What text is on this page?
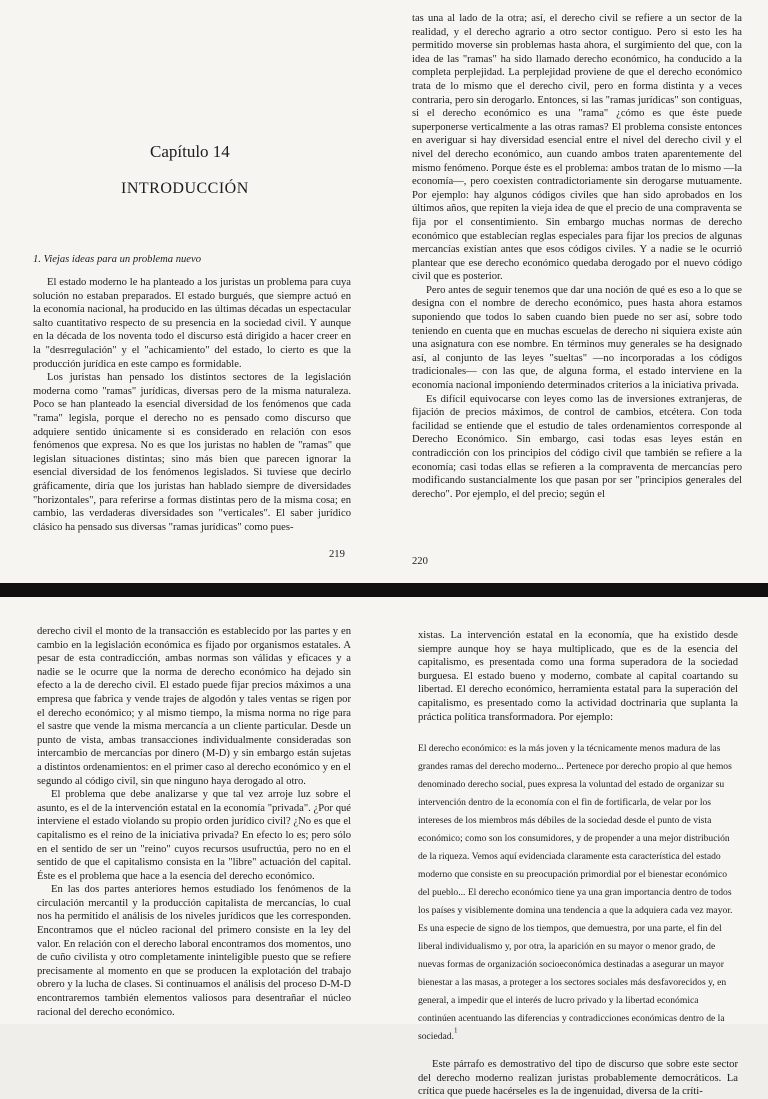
Capítulo 14
INTRODUCCIÓN
1. Viejas ideas para un problema nuevo

El estado moderno le ha planteado a los juristas un problema para cuya solución no estaban preparados. El estado burgués, que siempre actuó en la economía nacional, ha producido en las últimas décadas un espectacular salto cuantitativo respecto de su presencia en la sociedad civil. Y aunque en la década de los noventa todo el discurso está dirigido a hacer creer en la "desrregulación" y el "achicamiento" del estado, lo cierto es que la producción jurídica en este campo es formidable.

Los juristas han pensado los distintos sectores de la legislación moderna como "ramas" jurídicas, diversas pero de la misma naturaleza. Poco se han planteado la esencial diversidad de los fenómenos que cada "rama" legisla, porque el derecho no es pensado como discurso que adquiere sentido únicamente si es considerado en relación con esos fenómenos que expresa. No es que los juristas no hablen de "ramas" que legislan situaciones distintas; sino más bien que parecen ignorar la esencial diversidad de los fenómenos legislados. Si tuviese que decirlo gráficamente, diría que los juristas han hablado siempre de diversidades "horizontales", para referirse a formas distintas pero de la misma cosa; en cambio, las verdaderas diversidades son "verticales". El saber jurídico clásico ha pensado sus diversas "ramas jurídicas" como pues-

219

tas una al lado de la otra; así, el derecho civil se refiere a un sector de la realidad, y el derecho agrario a otro sector contiguo. Pero si esto les ha permitido moverse sin problemas hasta ahora, el surgimiento del que, con la idea de las "ramas" ha sido llamado derecho económico, ha conducido a la completa perplejidad. La perplejidad proviene de que el derecho económico trata de lo mismo que el derecho civil, pero en forma distinta y a veces contraria, pero sin derogarlo. Entonces, si las "ramas jurídicas" son contiguas, si el derecho económico es una "rama" ¿cómo es que éste puede superponerse verticalmente a las otras ramas? El problema consiste entonces en averiguar si hay diversidad esencial entre el nivel del derecho civil y el nivel del derecho económico, aun cuando ambos traten aparentemente del mismo fenómeno. Porque éste es el problema: ambos tratan de lo mismo —la economía—, pero coexisten contradictoriamente sin derogarse mutuamente. Por ejemplo: hay algunos códigos civiles que han sido aprobados en los últimos años, que repiten la vieja idea de que el precio de una compraventa se fija por el consentimiento. Sin embargo muchas normas de derecho económico que establecían reglas especiales para fijar los precios de algunas mercancías existían antes que esos códigos civiles. Y a nadie se le ocurrió plantear que ese derecho económico quedaba derogado por el nuevo código civil que es posterior.

Pero antes de seguir tenemos que dar una noción de qué es eso a lo que se designa con el nombre de derecho económico, pues hasta ahora estamos suponiendo que todos lo saben cuando bien puede no ser así, sobre todo teniendo en cuenta que en muchas escuelas de derecho ni siquiera existe aún una asignatura con ese nombre. En términos muy generales se ha designado así, al conjunto de las leyes "sueltas" —no incorporadas a los códigos tradicionales— con las que, de alguna forma, el estado interviene en la economía nacional imponiendo determinados criterios a la iniciativa privada.

Es difícil equivocarse con leyes como las de inversiones extranjeras, de fijación de precios máximos, de control de cambios, etcétera. Con toda facilidad se entiende que el estudio de tales ordenamientos corresponde al Derecho Económico. Sin embargo, casi todas esas leyes están en contradicción con los principios del código civil que también se refiere a la economía; casi todas ellas se refieren a la compraventa de mercancías pero modificando sustancialmente los que pasan por ser "principios generales del derecho". Por ejemplo, el del precio; según el

220

derecho civil el monto de la transacción es establecido por las partes y en cambio en la legislación económica es fijado por organismos estatales. A pesar de esta contradicción, ambas normas son válidas y eficaces y a nadie se le ocurre que la norma de derecho económico ha dejado sin efecto a la de derecho civil. El estado puede fijar precios máximos a una empresa que fabrica y vende trajes de algodón y tales ventas se rigen por el derecho económico; y al mismo tiempo, la misma norma no rige para el sastre que vende la misma mercancía a un cliente particular. Desde un punto de vista, ambas transacciones individualmente consideradas son intercambio de mercancías por dinero (M-D) y sin embargo están sujetas a distintos ordenamientos: en el primer caso al derecho económico y en el segundo al código civil, sin que ninguno haya derogado al otro.

El problema que debe analizarse y que tal vez arroje luz sobre el asunto, es el de la intervención estatal en la economía "privada". ¿Por qué interviene el estado violando su propio orden jurídico civil? ¿No es que el capitalismo es el reino de la iniciativa privada? En efecto lo es; pero sólo en el sentido de ser un "reino" cuyos recursos usufructúa, pero no en el sentido de que el capitalismo consista en la "libre" actuación del capital. Éste es el problema que hace a la esencia del derecho económico.

En las dos partes anteriores hemos estudiado los fenómenos de la circulación mercantil y la producción capitalista de mercancías, lo cual nos ha permitido el análisis de los niveles jurídicos que les corresponden. Encontramos que el núcleo racional del primero consiste en la ley del valor. En relación con el derecho laboral encontramos dos momentos, uno de cuño civilista y otro completamente ininteligible puesto que se refiere precisamente al momento en que se producen la explotación del trabajo obrero y la lucha de clases. Si continuamos el análisis del proceso D-M-D encontraremos también elementos valiosos para desentrañar el núcleo racional del derecho económico.

xistas. La intervención estatal en la economía, que ha existido desde siempre aunque hoy se haya multiplicado, que es de la esencia del capitalismo, es presentada como una forma superadora de la sociedad burguesa. El estado bueno y moderno, combate al capital coartando su libertad. El derecho económico, herramienta estatal para la superación del capitalismo, es presentado como la actividad doctrinaria que suplanta la práctica política transformadora. Por ejemplo:

El derecho económico: es la más joven y la técnicamente menos madura de las grandes ramas del derecho moderno... Pertenece por derecho propio al que hemos denominado derecho social, pues expresa la voluntad del estado de organizar su intervención dentro de la economía con el fin de fortificarla, de velar por los intereses de los miembros más débiles de la sociedad desde el punto de vista económico; como son los consumidores, y de propender a una mejor distribución de la riqueza. Vemos aquí evidenciada claramente esta característica del estado moderno que consiste en su preocupación primordial por el bienestar económico del pueblo... El derecho económico tiene ya una gran importancia dentro de todos los países y visiblemente domina una tendencia a que la adquiera cada vez mayor. Es una especie de signo de los tiempos, que demuestra, por una parte, el fin del liberal individualismo y, por otra, la aparición en su mayor o menor grado, de nuevas formas de organización socioeconómica destinadas a asegurar un mayor bienestar a las masas, a proteger a los sectores sociales más desfavorecidos y, en general, a impedir que el interés de lucro privado y la libertad económica continúen acentuando las diferencias y contradicciones económicas dentro de la sociedad.$^1$

Este párrafo es demostrativo del tipo de discurso que sobre este sector del derecho moderno realizan juristas probablemente democráticos. La crítica que puede hacérseles es la de ingenuidad, diversa de la críti-
